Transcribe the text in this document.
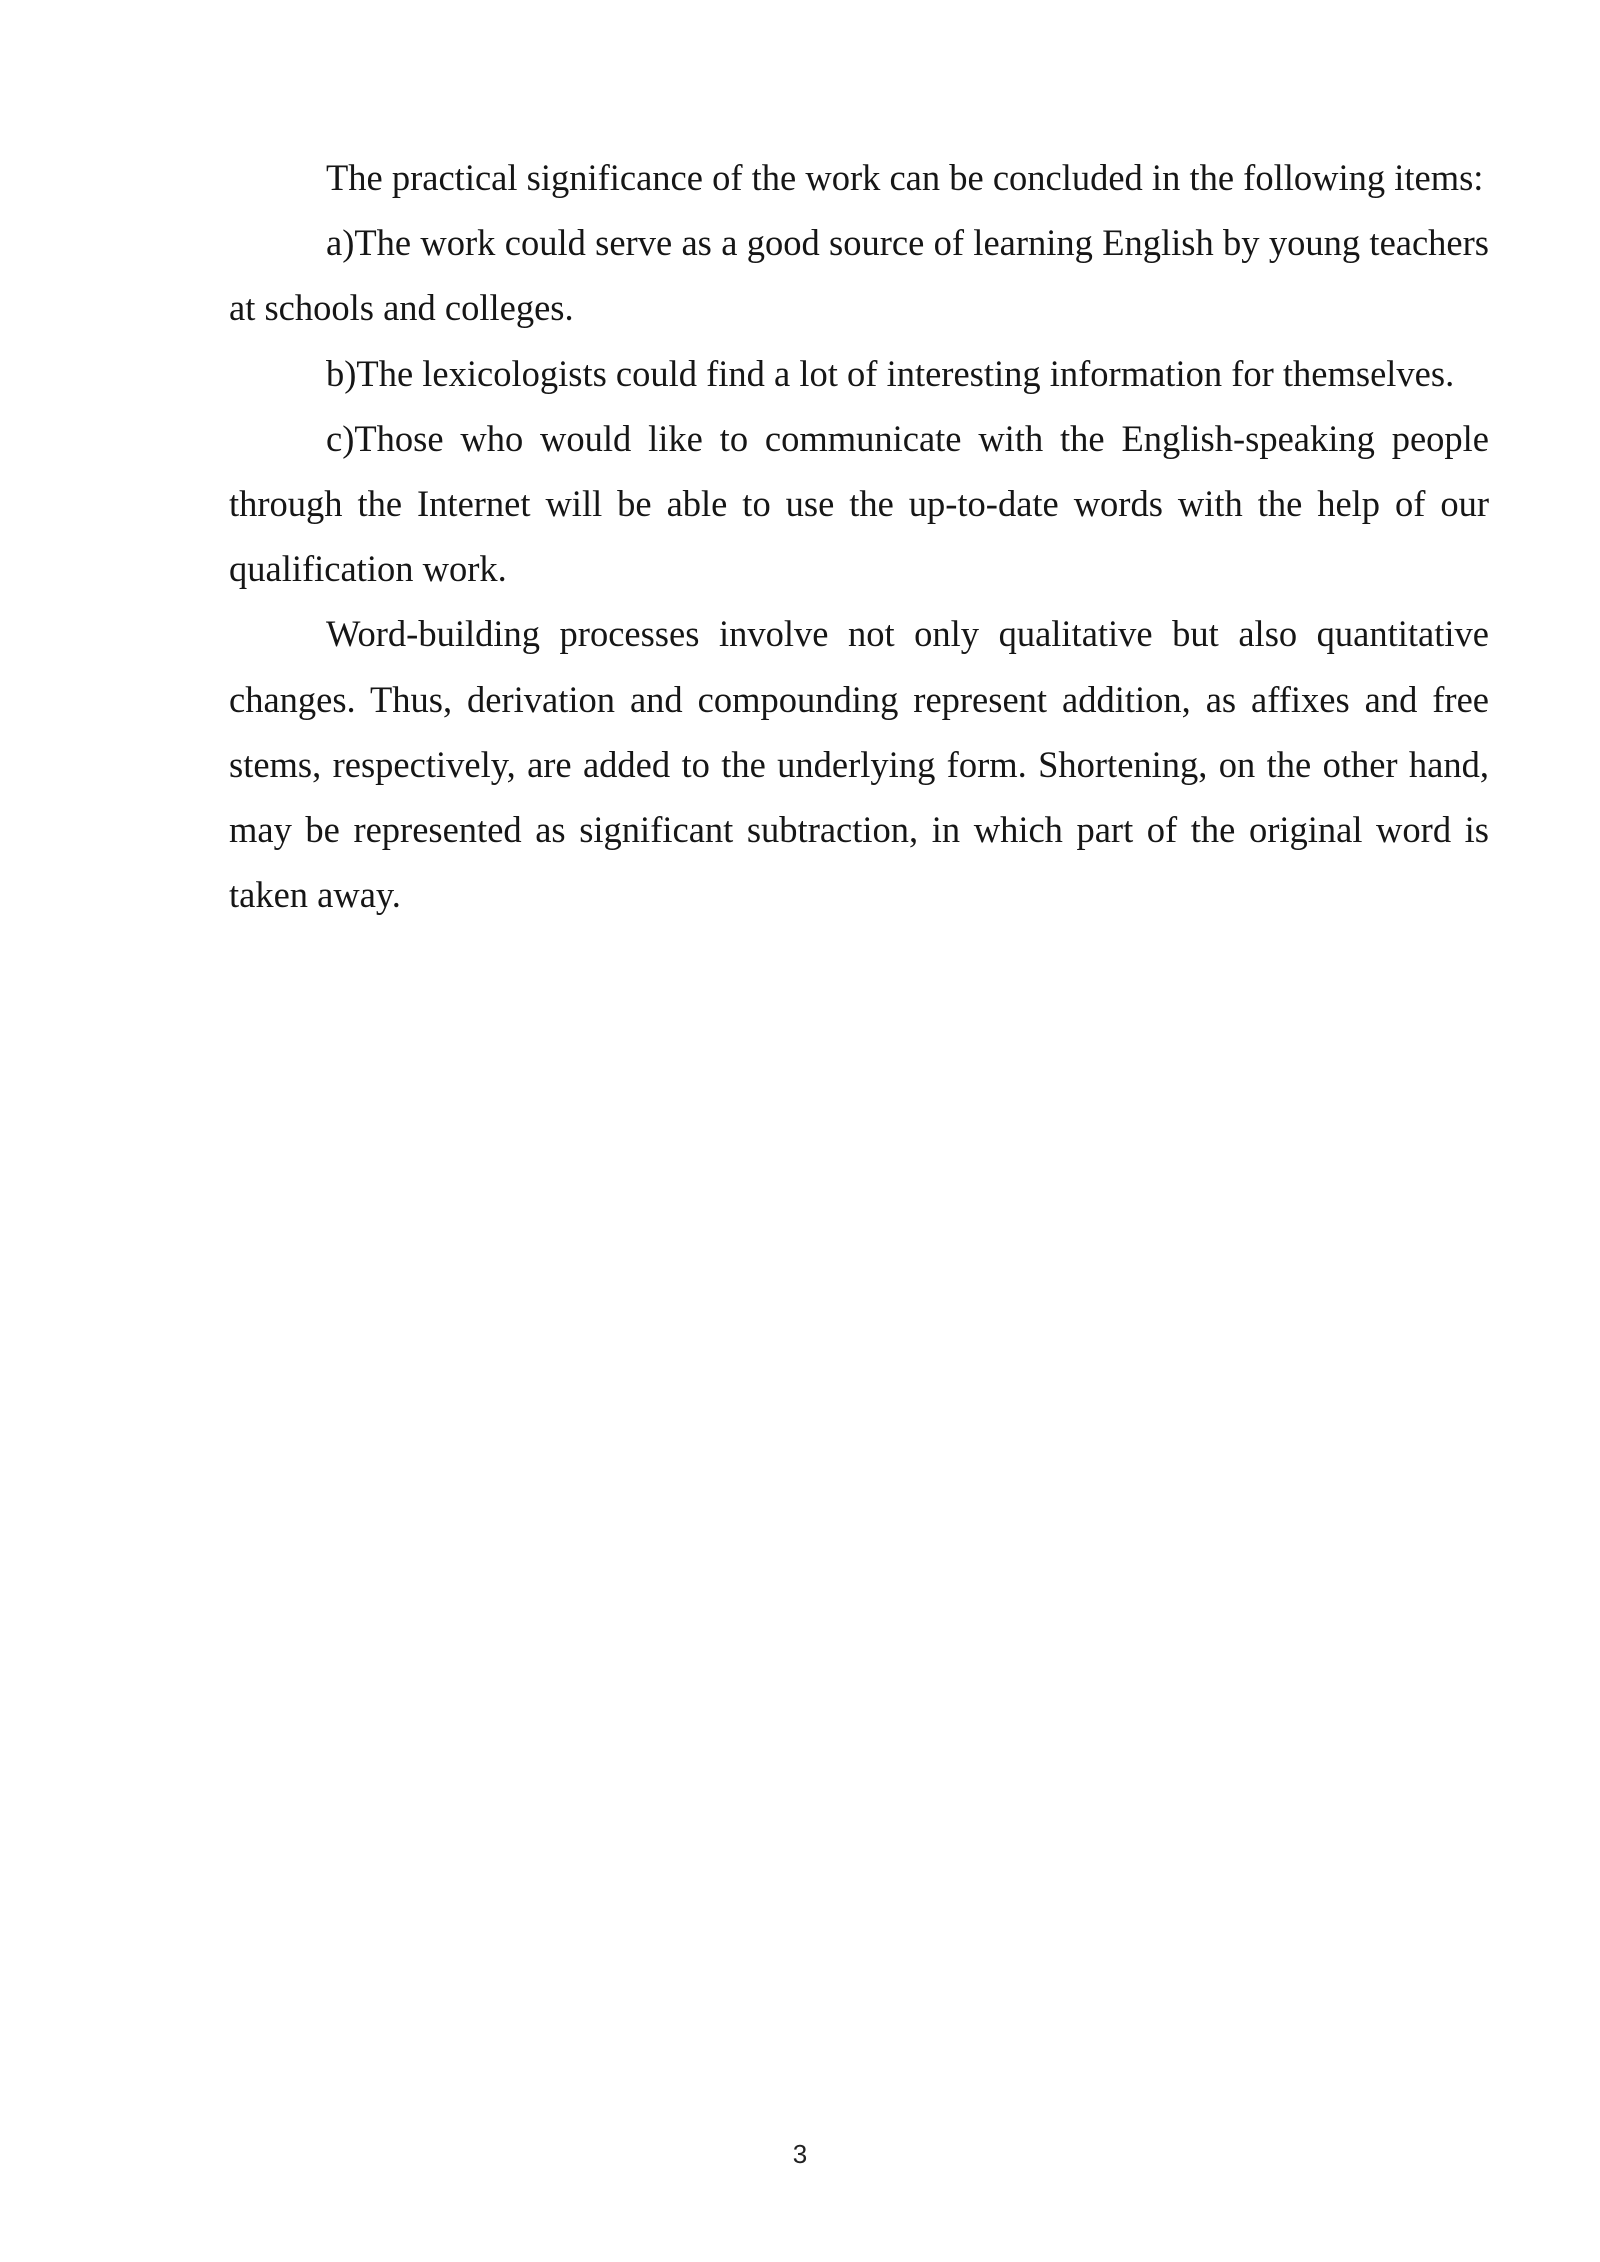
The practical significance of the work can be concluded in the following items:

a)The work could serve as a good source of learning English by young teachers at schools and colleges.

b)The lexicologists could find a lot of interesting information for themselves.

c)Those who would like to communicate with the English-speaking people through the Internet will be able to use the up-to-date words with the help of our qualification work.

Word-building processes involve not only qualitative but also quantitative changes. Thus, derivation and compounding represent addition, as affixes and free stems, respectively, are added to the underlying form. Shortening, on the other hand, may be represented as significant subtraction, in which part of the original word is taken away.

3
